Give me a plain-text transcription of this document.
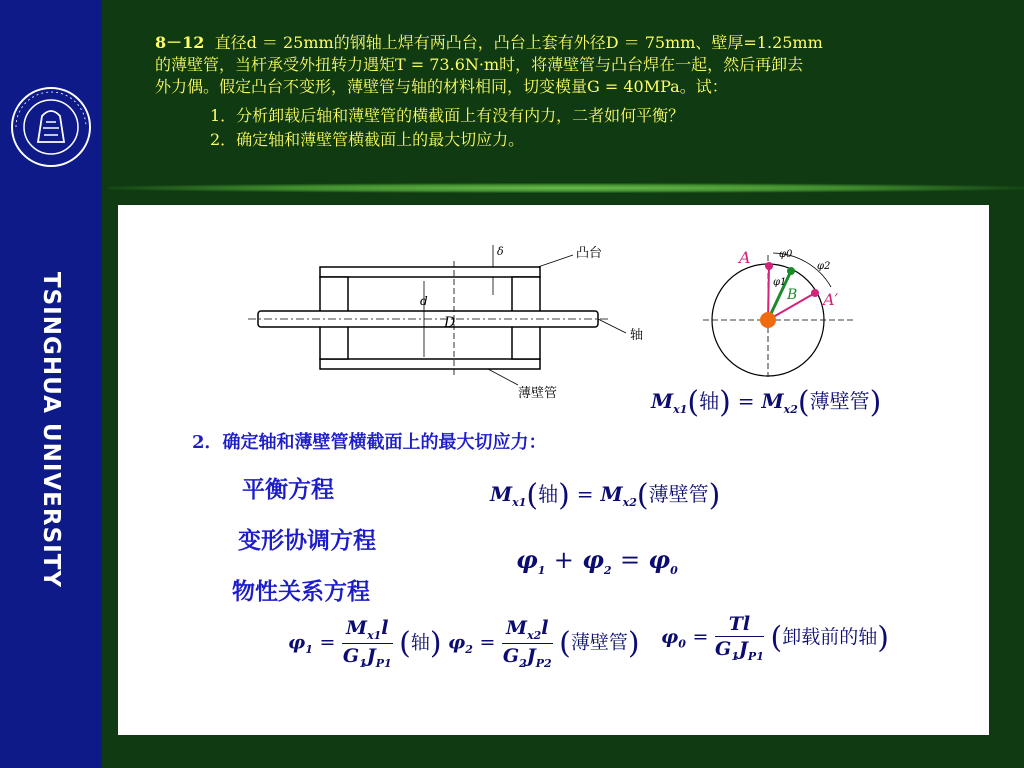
TSINGHUA UNIVERSITY

8－12 直径d ＝ 25mm的钢轴上焊有两凸台，凸台上套有外径D ＝ 75mm、壁厚=1.25mm

的薄壁管，当杆承受外扭转力遇矩T = 73.6N·m时，将薄壁管与凸台焊在一起，然后再卸去

外力偶。假定凸台不变形，薄壁管与轴的材料相同，切变模量G = 40MPa。试：

1．分析卸载后轴和薄壁管的横截面上有没有内力，二者如何平衡？
2．确定轴和薄壁管横截面上的最大切应力。
D
d
δ	凸台
轴
薄壁管
A
A′
B
φ0
φ2
φ1
$M_{x1}$(轴) = $M_{x2}$(薄壁管)
2．确定轴和薄壁管横截面上的最大切应力：
平衡方程
变形协调方程
物性关系方程
$M_{x1}$(轴) = $M_{x2}$(薄壁管)
$\varphi_1 + \varphi_2 = \varphi_0$
$\varphi_1 = \frac{M_{x1}l}{G_1J_{P1}}$ (轴) $\varphi_2 = \frac{M_{x2}l}{G_2J_{P2}}$ (薄壁管) $\varphi_0 = \frac{Tl}{G_1J_{P1}}$ (卸载前的轴)
